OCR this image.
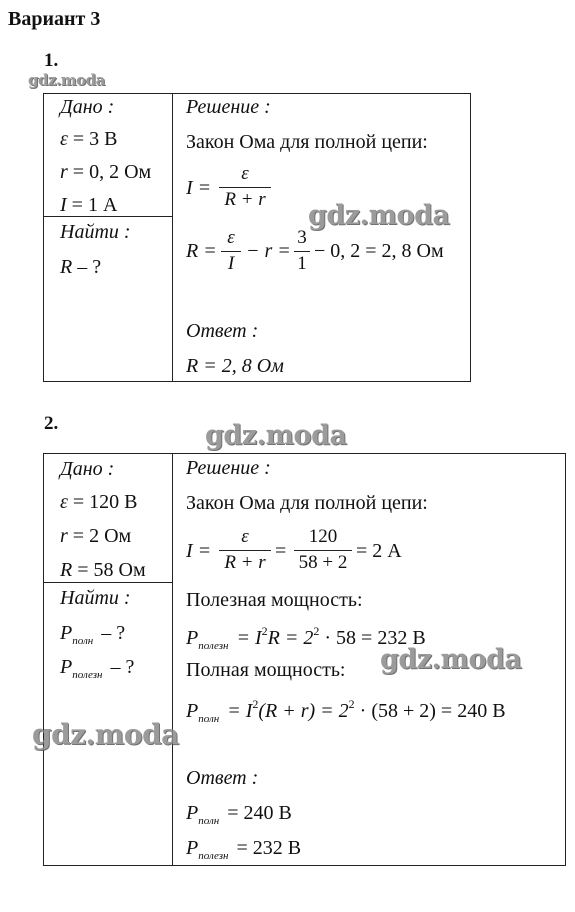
Вариант 3
1.
gdz.moda
Дано :
ε = 3 В
r = 0, 2 Ом
I = 1 А
Найти :
R – ?
Решение :
Закон Ома для полной цепи:
I =
ε
R + r
R =
ε
I
− r =
3
1
− 0, 2 = 2, 8 Ом
Ответ :
R = 2, 8 Ом
gdz.moda
2.	gdz.moda
Дано :
ε = 120 В
r = 2 Ом
R = 58 Ом
Найти :
$P_{полн}$ – ?
$P_{полезн}$ – ?
Решение :
Закон Ома для полной цепи:
I =
ε
R + r
=
120
58 + 2
= 2 А
Полезная мощность:
$P_{полезн} = I^2R = 2^2 \cdot 58 = 232$ В
Полная мощность:
$P_{полн} = I^2(R + r) = 2^2 \cdot (58 + 2) = 240$ В
Ответ :
$P_{полн} = 240$ В
$P_{полезн} = 232$ В
gdz.moda
gdz.moda
